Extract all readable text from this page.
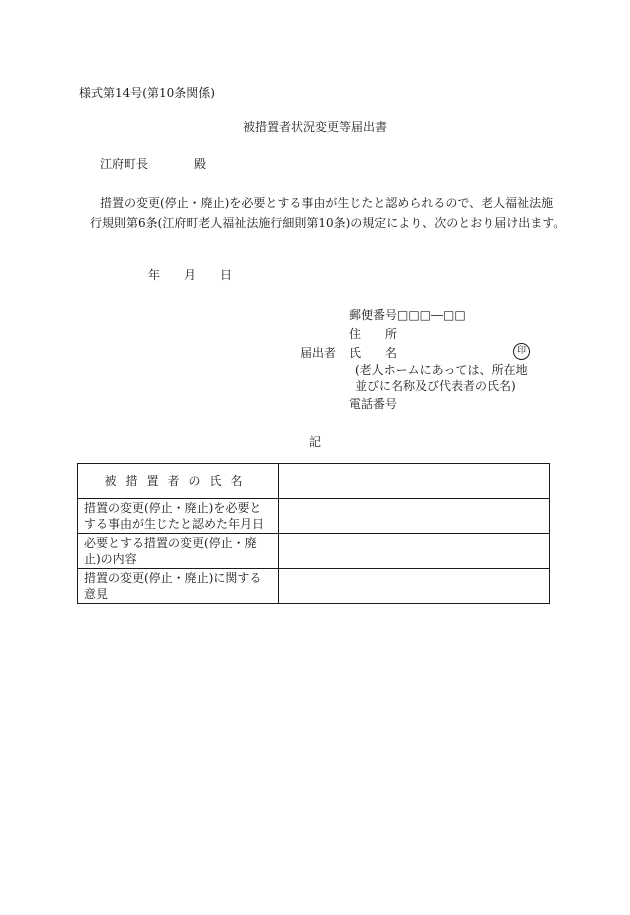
様式第14号(第10条関係)
被措置者状況変更等届出書
江府町長	殿
措置の変更(停止・廃止)を必要とする事由が生じたと認められるので、老人福祉法施
行規則第6条(江府町老人福祉法施行細則第10条)の規定により、次のとおり届け出ます。
年 月 日
郵便番号□□□―□□
住　　所
届出者 氏　　名	印
(老人ホームにあっては、所在地
並びに名称及び代表者の氏名)
電話番号
記
被措置者の氏名	
措置の変更(停止・廃止)を必要とする事由が生じたと認めた年月日	
必要とする措置の変更(停止・廃止)の内容	
措置の変更(停止・廃止)に関する意見	
